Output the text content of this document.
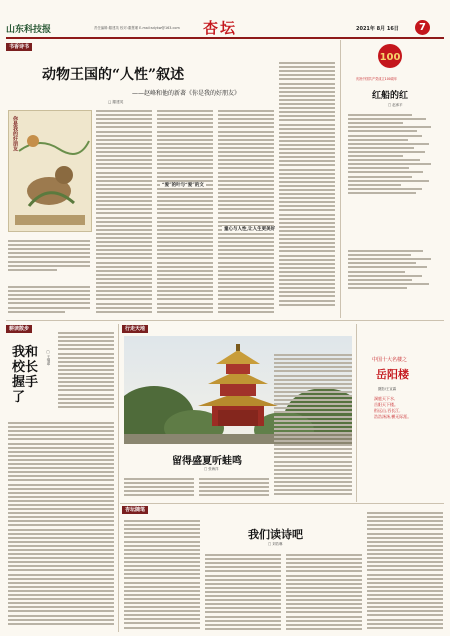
山东科技报	责任编辑:滕建英 校对:董慧瑾 E-mail:sdykw@163.com 杏坛	2021年 8月 16日	7
书香诗书
动物王国的“人性”叙述
——赵峰和他的新著《你是我的好朋友》
□ 滕建英
你是我的好朋友
“爱”的叶与“爱”的文
童心与人性,让人生更美好
100
庆祝中国共产党成立100周年
红船的红
□ 赵承平
耕读散步
我和校长握手了
□ 王继翠
行走天地
留得盛夏听蛙鸣
□ 张海洋
中国十大名楼之
岳阳楼
摄影/王宣霖
洞庭天下水,
岳阳天下楼。
衔远山,吞长江,
浩浩汤汤,横无际涯。
杏坛随笔
我们读诗吧
□ 刘若琳
